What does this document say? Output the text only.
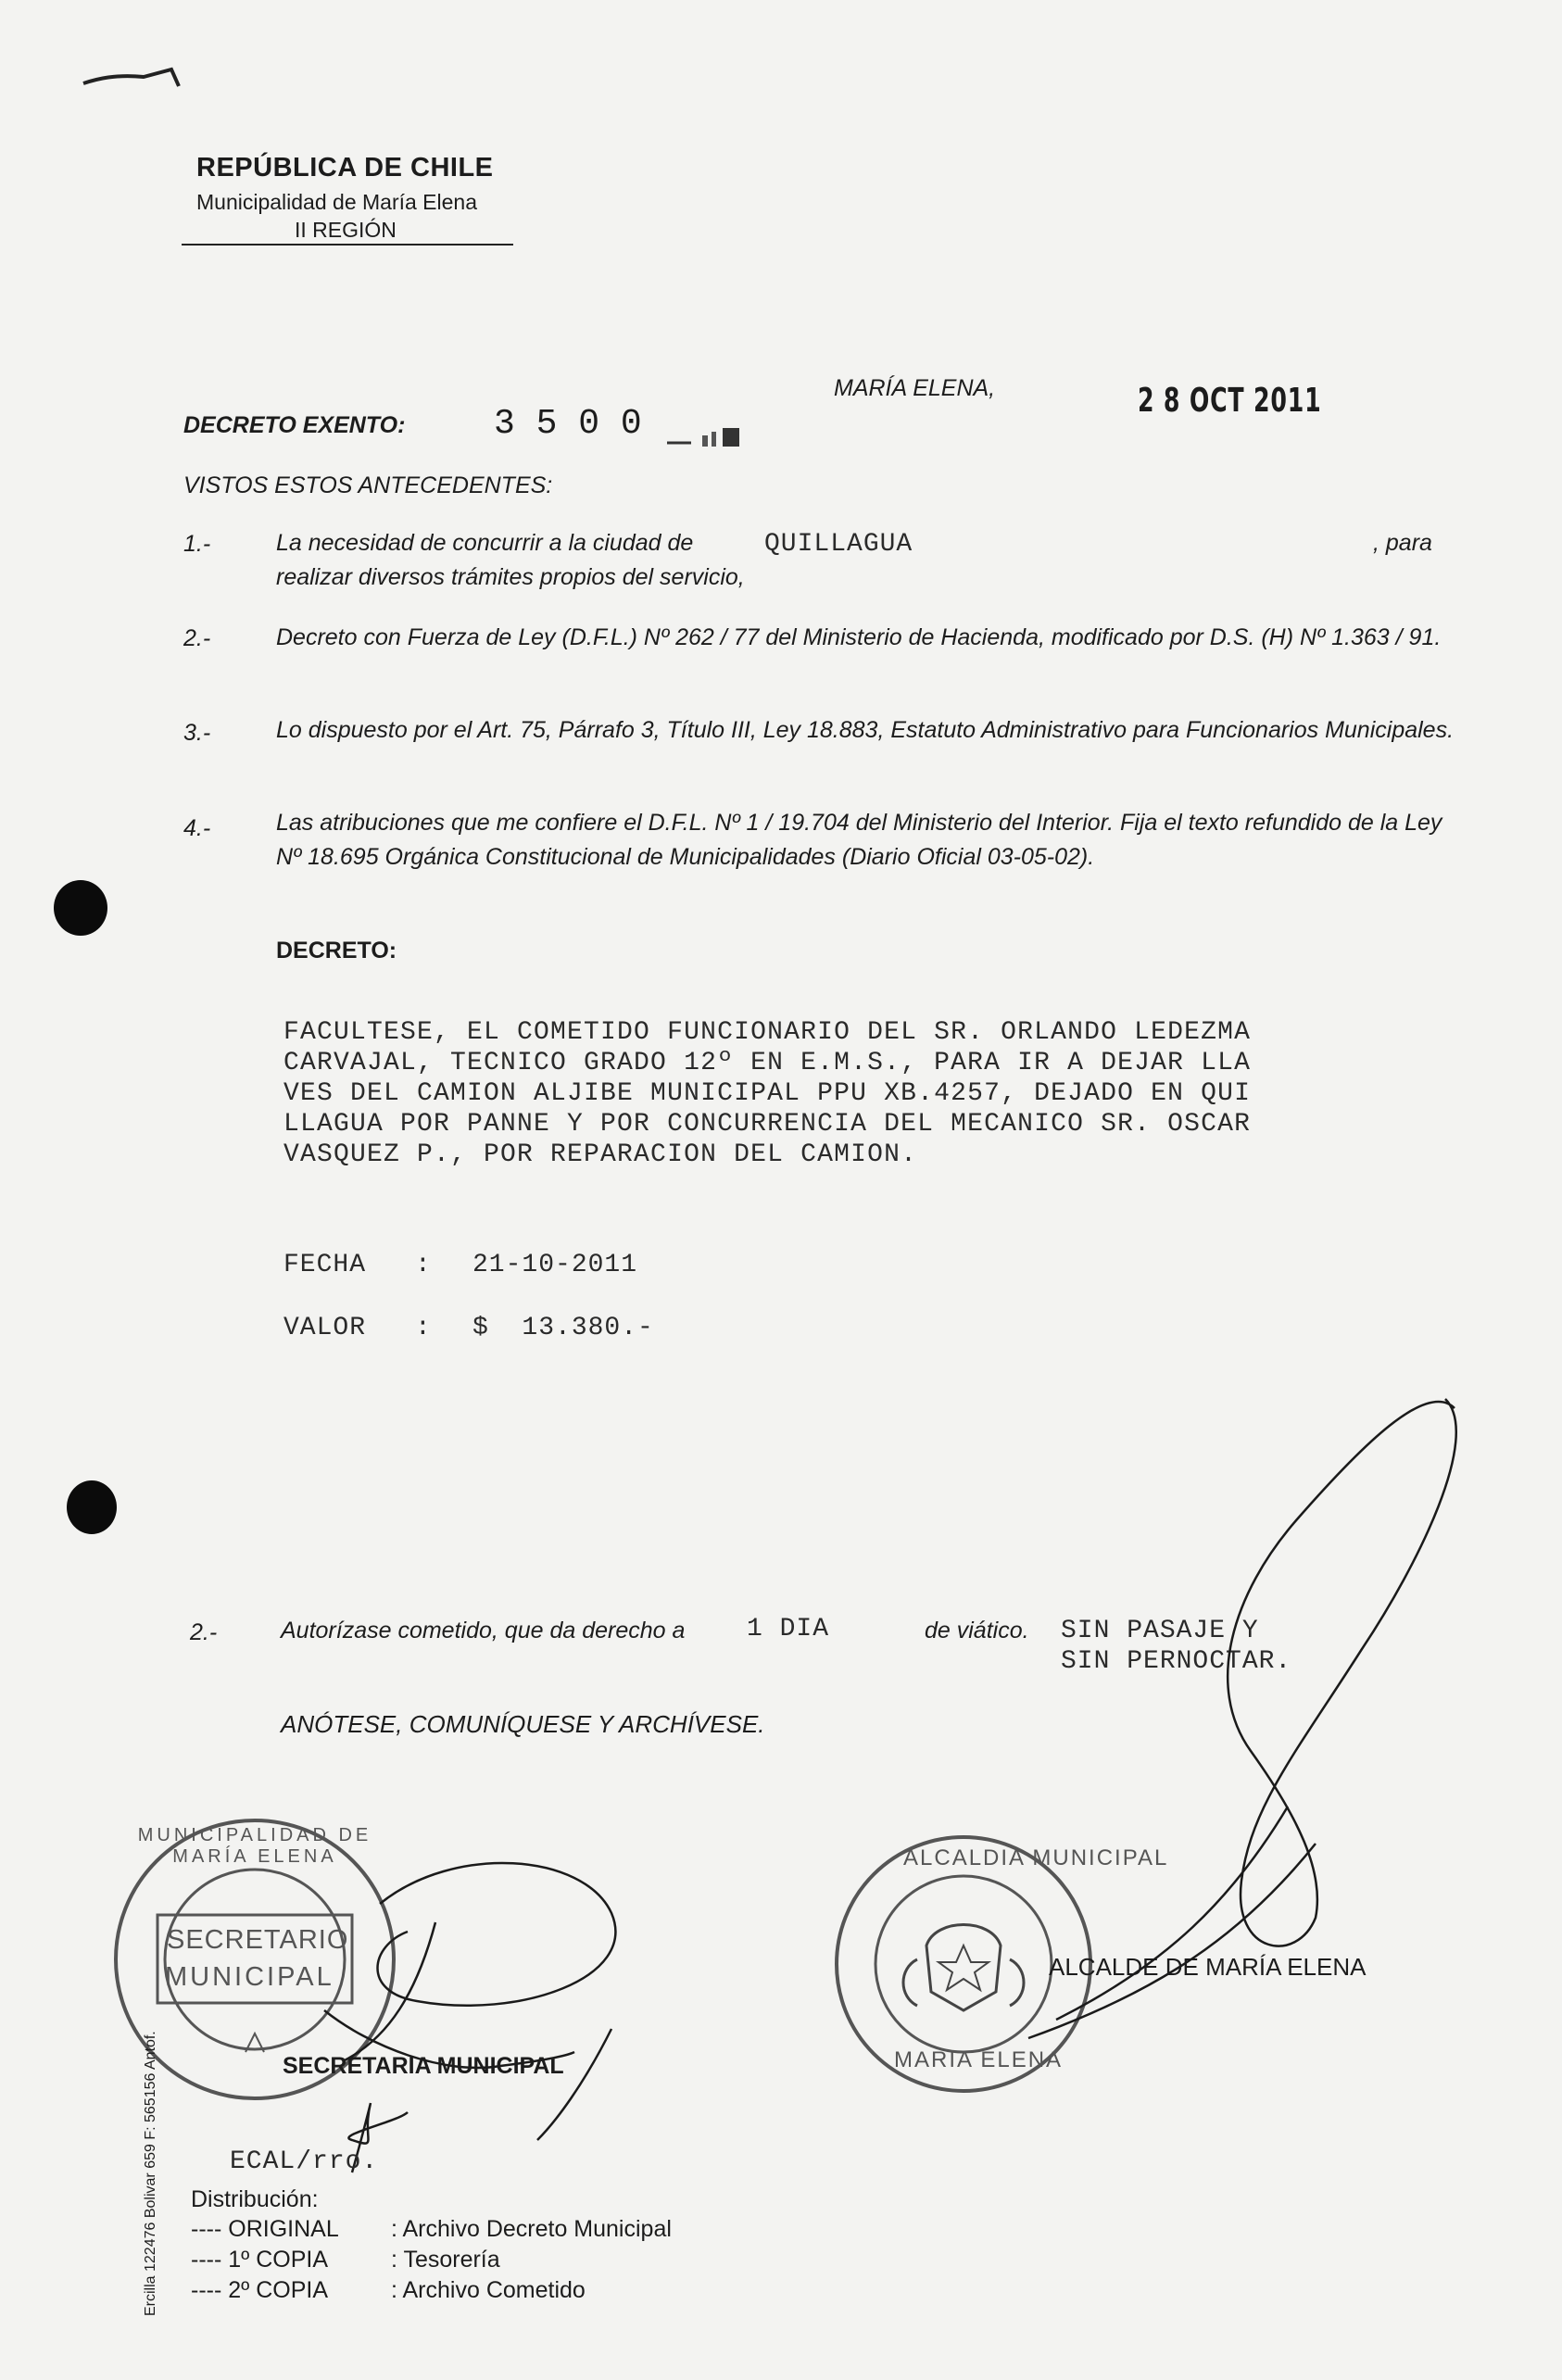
REPÚBLICA DE CHILE
Municipalidad de María Elena
II REGIÓN
MARÍA ELENA,	2 8 OCT 2011
DECRETO EXENTO:	3 5 0 0
VISTOS ESTOS ANTECEDENTES:
1.-	La necesidad de concurrir a la ciudad de	QUILLAGUA	, para
realizar diversos trámites propios del servicio,
2.-	Decreto con Fuerza de Ley (D.F.L.) Nº 262 / 77 del Ministerio de Hacienda, modificado por D.S. (H) Nº 1.363 / 91.
3.-	Lo dispuesto por el Art. 75, Párrafo 3, Título III, Ley 18.883, Estatuto Administrativo para Funcionarios Municipales.
4.-	Las atribuciones que me confiere el D.F.L. Nº 1 / 19.704 del Ministerio del Interior. Fija el texto refundido de la Ley Nº 18.695 Orgánica Constitucional de Municipalidades (Diario Oficial 03-05-02).
DECRETO:
FACULTESE, EL COMETIDO FUNCIONARIO DEL SR. ORLANDO LEDEZMA
CARVAJAL, TECNICO GRADO 12º EN E.M.S., PARA IR A DEJAR LLA
VES DEL CAMION ALJIBE MUNICIPAL PPU XB.4257, DEJADO EN QUI
LLAGUA POR PANNE Y POR CONCURRENCIA DEL MECANICO SR. OSCAR
VASQUEZ P., POR REPARACION DEL CAMION.
FECHA : 21-10-2011
VALOR : $  13.380.-
2.-	Autorízase cometido, que da derecho a	1 DIA	de viático.	SIN PASAJE Y
SIN PERNOCTAR.
ANÓTESE, COMUNÍQUESE Y ARCHÍVESE.
MUNICIPALIDAD DE MARÍA ELENA
SECRETARIO
MUNICIPAL
SECRETARIA MUNICIPAL
ALCALDIA MUNICIPAL
MARIA ELENA
ALCALDE DE MARÍA ELENA
ECAL/rro.
Distribución:
---- ORIGINAL : Archivo Decreto Municipal
---- 1º COPIA	: Tesorería
---- 2º COPIA	: Archivo Cometido
Ercilla 122476 Bolivar 659 F: 565156 Antof.
